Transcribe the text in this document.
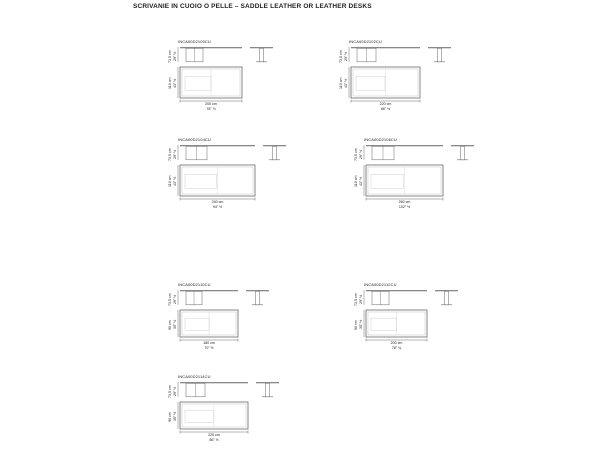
SCRIVANIE IN CUOIO O PELLE – SADDLE LEATHER OR LEATHER DESKS
INCA00D2100CU
73,5 cm 29" ½
110 cm 43" ½
200 cm
78" ¾
INCA00D2102CU
73,5 cm 29" ½
110 cm 43" ½
220 cm
86" ½
INCA00D2104CU
73,5 cm 29" ½
110 cm 43" ½
240 cm
94" ½
INCA00D2106CU
73,5 cm 29" ½
110 cm 43" ½
260 cm
102" ½
INCA00D2110CU
73,5 cm 29" ½
90 cm 35" ½
180 cm
70" ½
INCA00D2112CU
73,5 cm 29" ½
90 cm 35" ½
200 cm
78" ¾
INCA00D2114CU
73,5 cm 29" ½
90 cm 35" ½
220 cm
86" ½
